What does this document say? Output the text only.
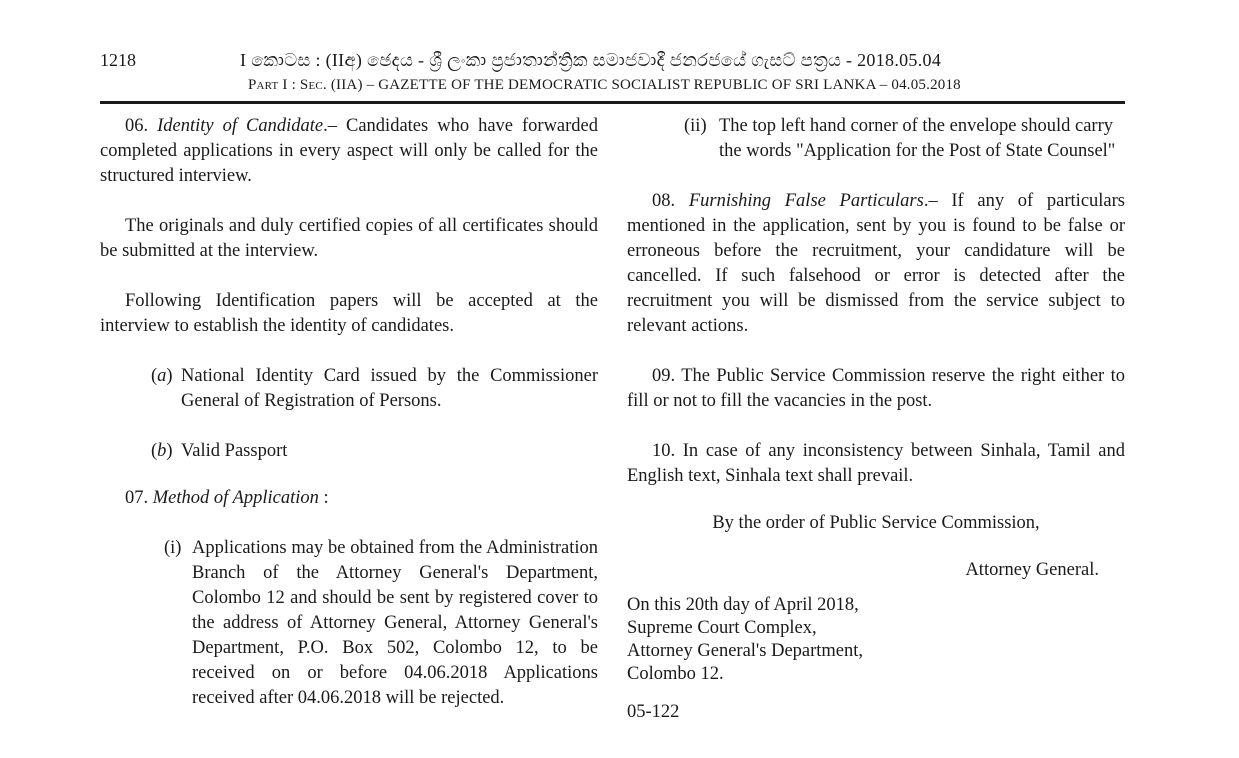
1218	I කොටස : (IIඅ) ඡෙදය - ශ්‍රී ලංකා ප්‍රජාතාන්ත්‍රික සමාජවාදී ජනරජයේ ගැසට් පත්‍රය - 2018.05.04
Part I : Sec. (IIA) – GAZETTE OF THE DEMOCRATIC SOCIALIST REPUBLIC OF SRI LANKA – 04.05.2018

06. Identity of Candidate.– Candidates who have forwarded completed applications in every aspect will only be called for the structured interview.

The originals and duly certified copies of all certificates should be submitted at the interview.

Following Identification papers will be accepted at the interview to establish the identity of candidates.

(a) National Identity Card issued by the Commissioner General of Registration of Persons.
(b) Valid Passport

07. Method of Application :

(i) Applications may be obtained from the Administration Branch of the Attorney General's Department, Colombo 12 and should be sent by registered cover to the address of Attorney General, Attorney General's Department, P.O. Box 502, Colombo 12, to be received on or before 04.06.2018 Applications received after 04.06.2018 will be rejected.
(ii) The top left hand corner of the envelope should carry the words "Application for the Post of State Counsel"

08. Furnishing False Particulars.– If any of particulars mentioned in the application, sent by you is found to be false or erroneous before the recruitment, your candidature will be cancelled. If such falsehood or error is detected after the recruitment you will be dismissed from the service subject to relevant actions.

09. The Public Service Commission reserve the right either to fill or not to fill the vacancies in the post.

10. In case of any inconsistency between Sinhala, Tamil and English text, Sinhala text shall prevail.

By the order of Public Service Commission,

Attorney General.

On this 20th day of April 2018,

Supreme Court Complex,

Attorney General's Department,

Colombo 12.

05-122
